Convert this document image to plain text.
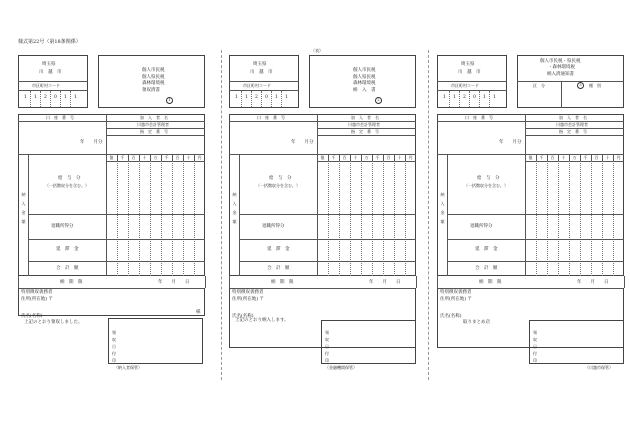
様式第22号（第18条関係）
（表）
埼玉県
川　越　市
市区町村コード
1 1 2 0 1 1
個人市民税
個人県民税
森林環境税
領収済書
1
口　座　番　号	加　入　者　名
川越市会計管理者
指　定　番　号
年　　月分
納入金額
億 千 百 十 万 千 百 十 円
給　与　分
（一括徴収分を含む。）
退職所得分
延　滞　金
合　計　額
納　期　限	年　　月　　日
特別徴収義務者
住所(所在地) 〒
氏名(名称)
様
上記のとおり領収しました。
領収日付印
（納入者保管）
埼玉県
川　越　市
市区町村コード
1 1 2 0 1 1
個人市民税
個人県民税
森林環境税
納　入　書
2
口　座　番　号	加　入　者　名
川越市会計管理者
指　定　番　号
年　　月分
納入金額
億 千 百 十 万 千 百 十 円
給　与　分
（一括徴収分を含む。）
退職所得分
延　滞　金
合　計　額
納　期　限	年　　月　　日
特別徴収義務者
住所(所在地) 〒
氏名(名称)
上記のとおり納入します。
領収日付印
（金融機関保管）
埼玉県
川　越　市
市区町村コード
1 1 2 0 1 1
個人市民税・県民税
・森林環境税
納入済通知書
3
区　分	種　別
口　座　番　号	加　入　者　名
川越市会計管理者
指　定　番　号
年　　月分
納入金額
億 千 百 十 万 千 百 十 円
給　与　分
（一括徴収分を含む。）
退職所得分
延　滞　金
合　計　額
納　期　限	年　　月　　日
特別徴収義務者
住所(所在地) 〒
氏名(名称)
取りまとめ店
領収日付印
（川越市保管）
